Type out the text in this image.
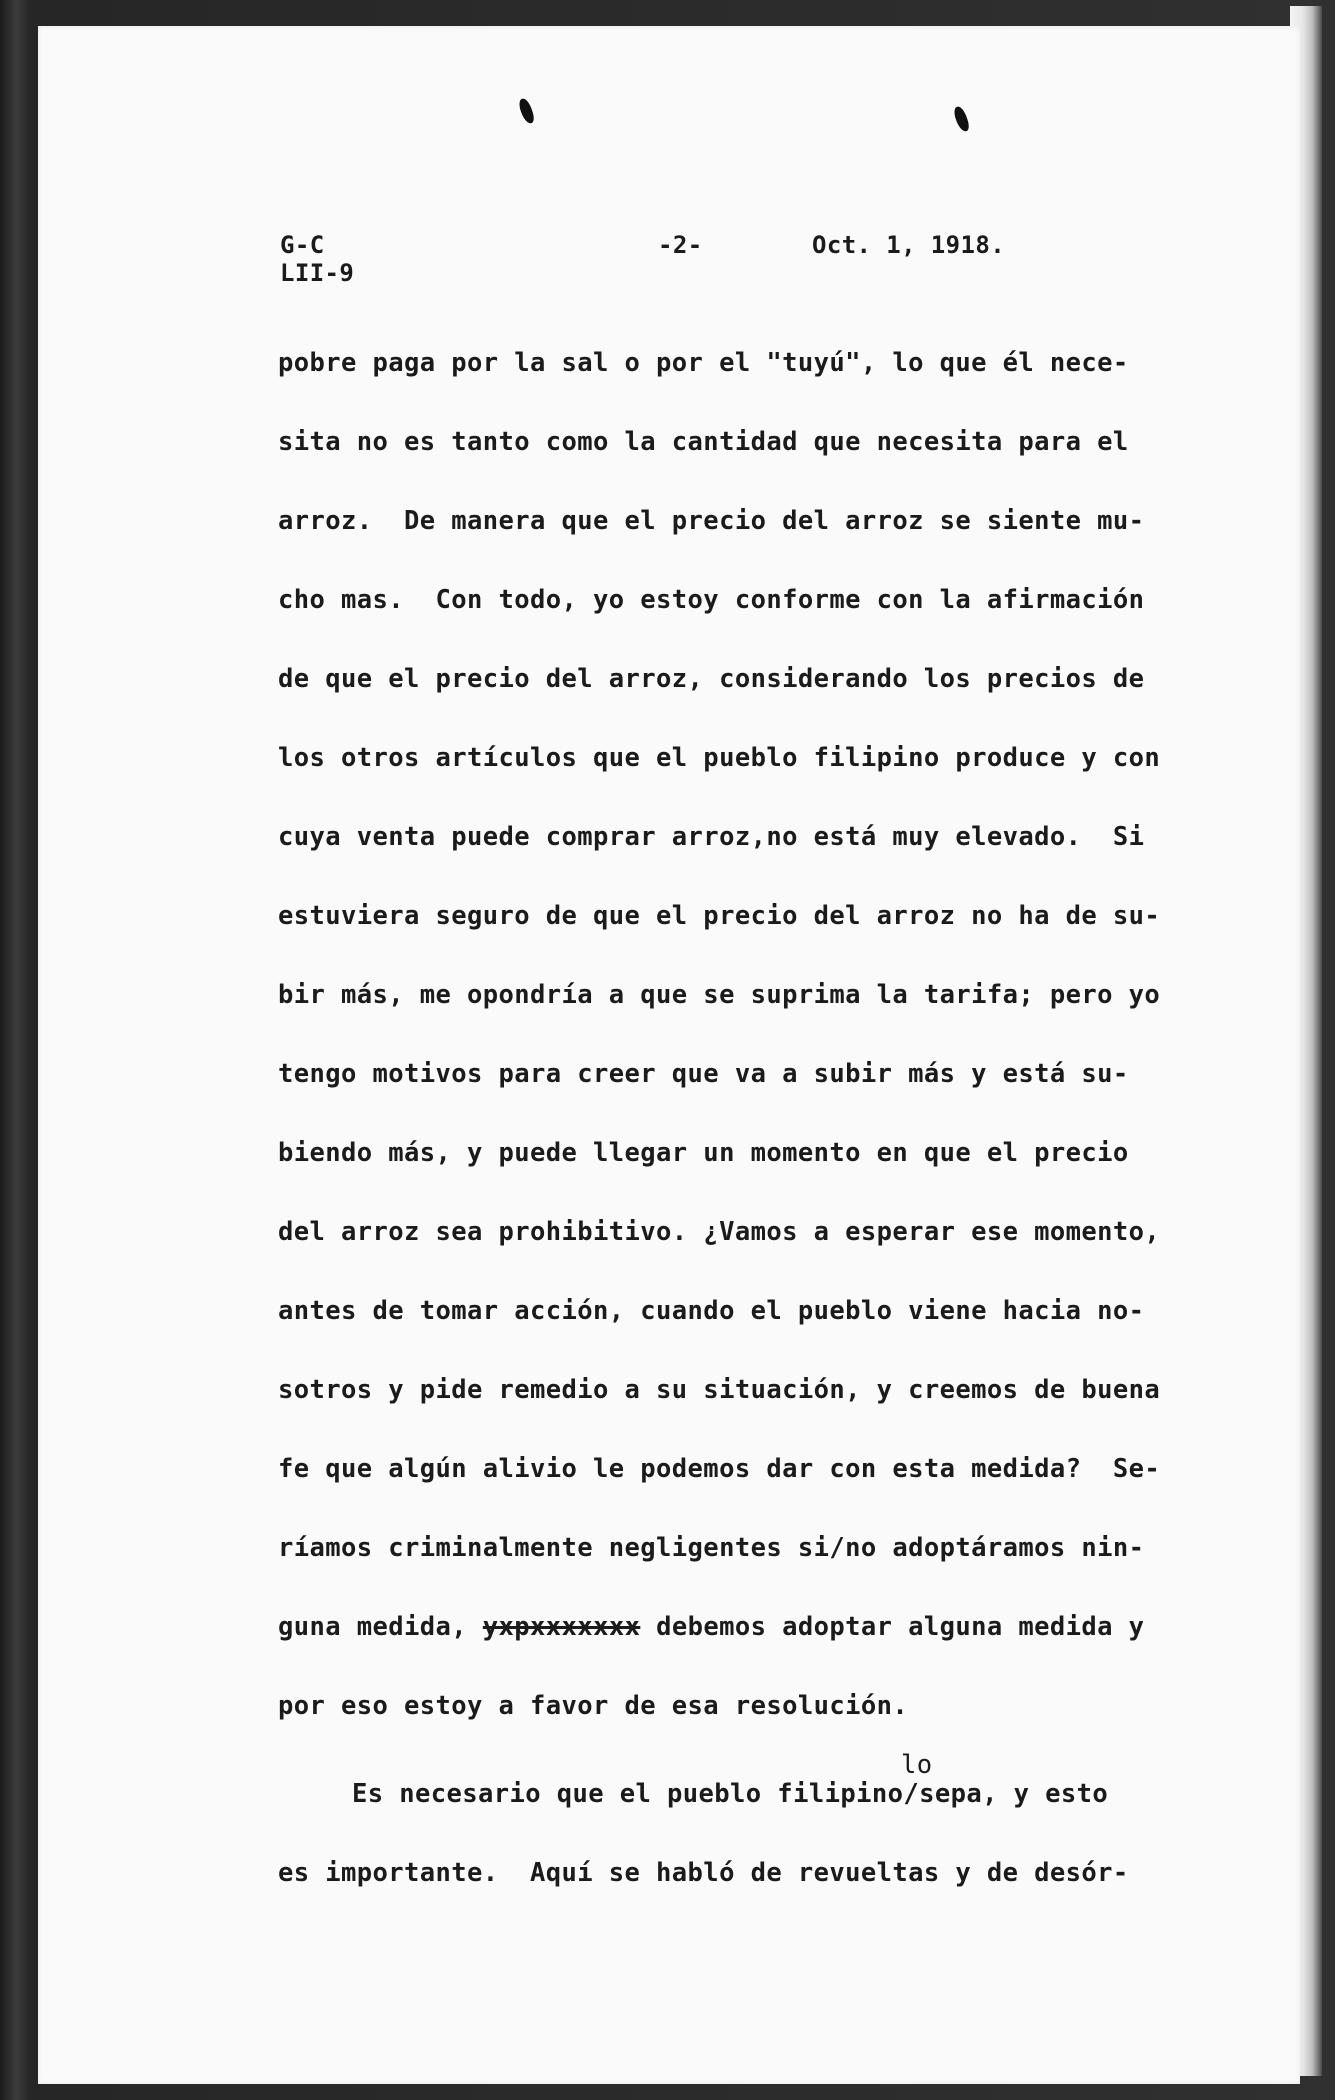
G-C
LII-9
-2-	Oct. 1, 1918.
pobre paga por la sal o por el "tuyú", lo que él nece-
sita no es tanto como la cantidad que necesita para el
arroz.  De manera que el precio del arroz se siente mu-
cho mas.  Con todo, yo estoy conforme con la afirmación
de que el precio del arroz, considerando los precios de
los otros artículos que el pueblo filipino produce y con
cuya venta puede comprar arroz,no está muy elevado.  Si
estuviera seguro de que el precio del arroz no ha de su-
bir más, me opondría a que se suprima la tarifa; pero yo
tengo motivos para creer que va a subir más y está su-
biendo más, y puede llegar un momento en que el precio
del arroz sea prohibitivo. ¿Vamos a esperar ese momento,
antes de tomar acción, cuando el pueblo viene hacia no-
sotros y pide remedio a su situación, y creemos de buena
fe que algún alivio le podemos dar con esta medida?  Se-
ríamos criminalmente negligentes si/no adoptáramos nin-
guna medida, yxpxxxxxxx debemos adoptar alguna medida y
por eso estoy a favor de esa resolución.
lo
Es necesario que el pueblo filipino/sepa, y esto
es importante.  Aquí se habló de revueltas y de desór-
